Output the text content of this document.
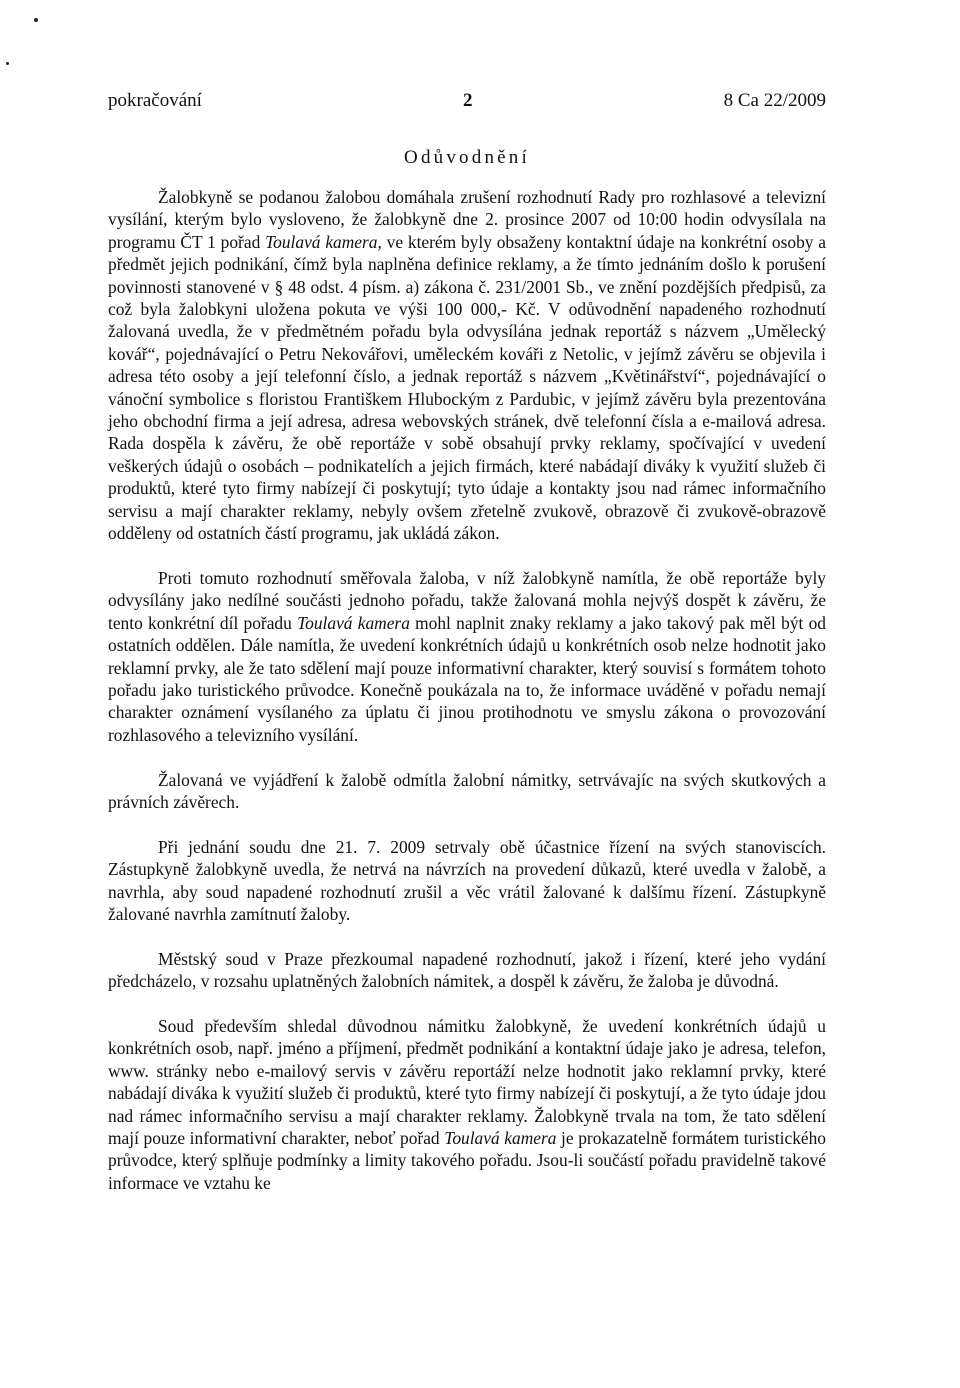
pokračování	2	8 Ca 22/2009
Odůvodnění

Žalobkyně se podanou žalobou domáhala zrušení rozhodnutí Rady pro rozhlasové a televizní vysílání, kterým bylo vysloveno, že žalobkyně dne 2. prosince 2007 od 10:00 hodin odvysílala na programu ČT 1 pořad Toulavá kamera, ve kterém byly obsaženy kontaktní údaje na konkrétní osoby a předmět jejich podnikání, čímž byla naplněna definice reklamy, a že tímto jednáním došlo k porušení povinnosti stanovené v § 48 odst. 4 písm. a) zákona č. 231/2001 Sb., ve znění pozdějších předpisů, za což byla žalobkyni uložena pokuta ve výši 100 000,- Kč. V odůvodnění napadeného rozhodnutí žalovaná uvedla, že v předmětném pořadu byla odvysílána jednak reportáž s názvem „Umělecký kovář“, pojednávající o Petru Nekovářovi, uměleckém kováři z Netolic, v jejímž závěru se objevila i adresa této osoby a její telefonní číslo, a jednak reportáž s názvem „Květinářství“, pojednávající o vánoční symbolice s floristou Františkem Hlubockým z Pardubic, v jejímž závěru byla prezentována jeho obchodní firma a její adresa, adresa webovských stránek, dvě telefonní čísla a e-mailová adresa. Rada dospěla k závěru, že obě reportáže v sobě obsahují prvky reklamy, spočívající v uvedení veškerých údajů o osobách – podnikatelích a jejich firmách, které nabádají diváky k využití služeb či produktů, které tyto firmy nabízejí či poskytují; tyto údaje a kontakty jsou nad rámec informačního servisu a mají charakter reklamy, nebyly ovšem zřetelně zvukově, obrazově či zvukově-obrazově odděleny od ostatních částí programu, jak ukládá zákon.

Proti tomuto rozhodnutí směřovala žaloba, v níž žalobkyně namítla, že obě reportáže byly odvysílány jako nedílné součásti jednoho pořadu, takže žalovaná mohla nejvýš dospět k závěru, že tento konkrétní díl pořadu Toulavá kamera mohl naplnit znaky reklamy a jako takový pak měl být od ostatních oddělen. Dále namítla, že uvedení konkrétních údajů u konkrétních osob nelze hodnotit jako reklamní prvky, ale že tato sdělení mají pouze informativní charakter, který souvisí s formátem tohoto pořadu jako turistického průvodce. Konečně poukázala na to, že informace uváděné v pořadu nemají charakter oznámení vysílaného za úplatu či jinou protihodnotu ve smyslu zákona o provozování rozhlasového a televizního vysílání.

Žalovaná ve vyjádření k žalobě odmítla žalobní námitky, setrvávajíc na svých skutkových a právních závěrech.

Při jednání soudu dne 21. 7. 2009 setrvaly obě účastnice řízení na svých stanoviscích. Zástupkyně žalobkyně uvedla, že netrvá na návrzích na provedení důkazů, které uvedla v žalobě, a navrhla, aby soud napadené rozhodnutí zrušil a věc vrátil žalované k dalšímu řízení. Zástupkyně žalované navrhla zamítnutí žaloby.

Městský soud v Praze přezkoumal napadené rozhodnutí, jakož i řízení, které jeho vydání předcházelo, v rozsahu uplatněných žalobních námitek, a dospěl k závěru, že žaloba je důvodná.

Soud především shledal důvodnou námitku žalobkyně, že uvedení konkrétních údajů u konkrétních osob, např. jméno a příjmení, předmět podnikání a kontaktní údaje jako je adresa, telefon, www. stránky nebo e-mailový servis v závěru reportáží nelze hodnotit jako reklamní prvky, které nabádají diváka k využití služeb či produktů, které tyto firmy nabízejí či poskytují, a že tyto údaje jdou nad rámec informačního servisu a mají charakter reklamy. Žalobkyně trvala na tom, že tato sdělení mají pouze informativní charakter, neboť pořad Toulavá kamera je prokazatelně formátem turistického průvodce, který splňuje podmínky a limity takového pořadu. Jsou-li součástí pořadu pravidelně takové informace ve vztahu ke
